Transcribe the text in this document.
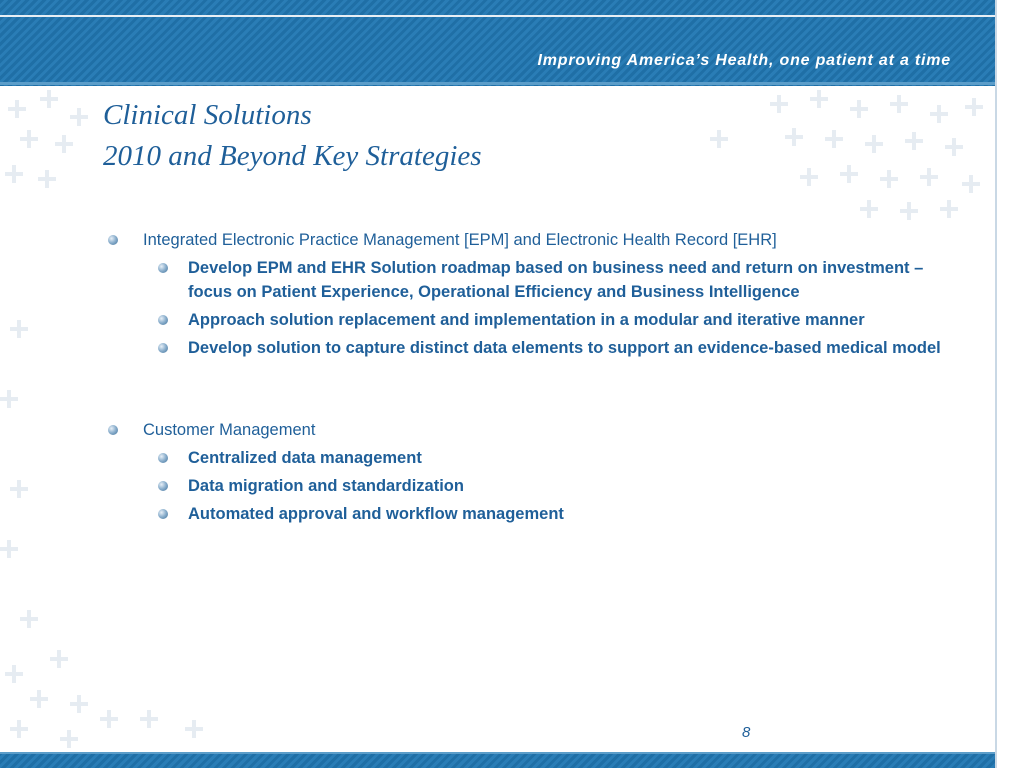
Improving America’s Health, one patient at a time
Clinical Solutions
2010 and Beyond Key Strategies
Integrated Electronic Practice Management [EPM] and Electronic Health Record [EHR]
Develop EPM and EHR Solution roadmap based on business need and return on investment – focus on Patient Experience, Operational Efficiency and Business Intelligence
Approach solution replacement and implementation in a modular and iterative manner
Develop solution to capture distinct data elements to support an evidence-based medical model
Customer Management
Centralized data management
Data migration and standardization
Automated approval and workflow management
8
